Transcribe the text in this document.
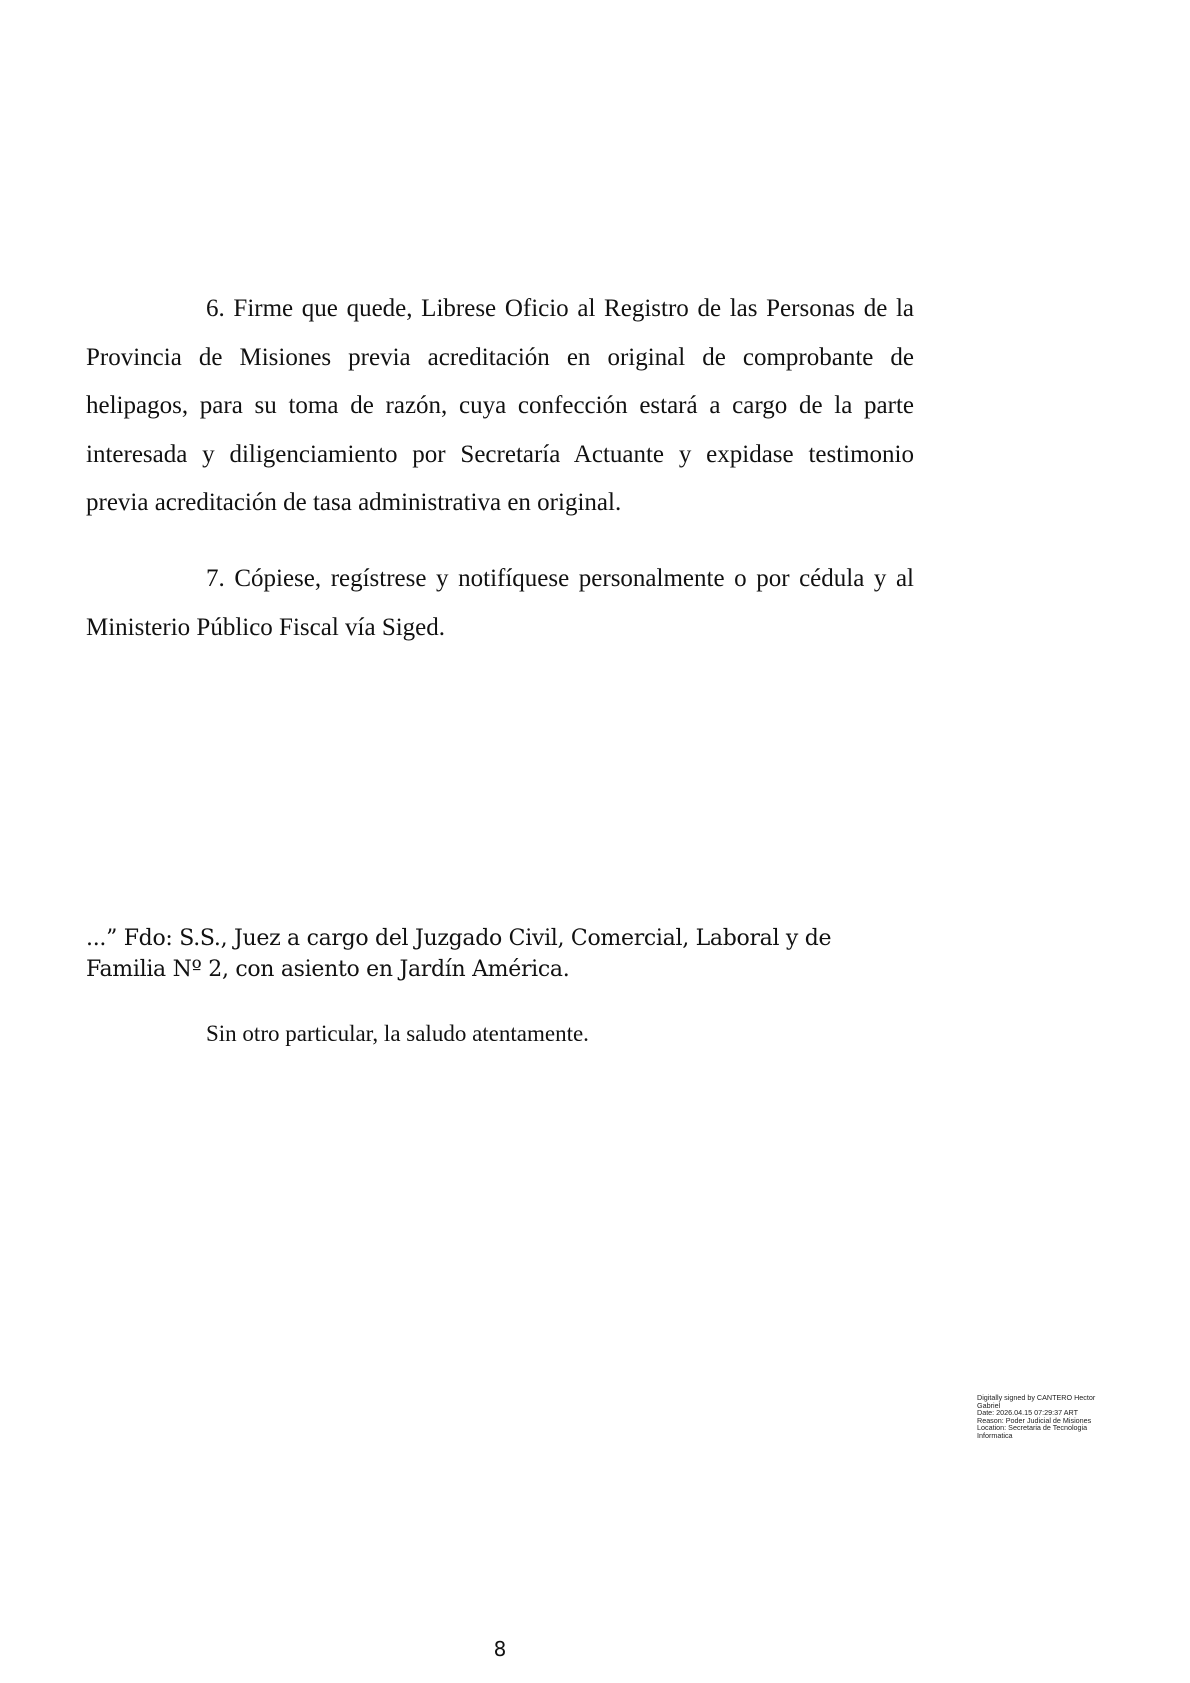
6. Firme que quede, Librese Oficio al Registro de las Personas de la Provincia de Misiones previa acreditación en original de comprobante de helipagos, para su toma de razón, cuya confección estará a cargo de la parte interesada y diligenciamiento por Secretaría Actuante y expidase testimonio previa acreditación de tasa administrativa en original.

7. Cópiese, regístrese y notifíquese personalmente o por cédula y al Ministerio Público Fiscal vía Siged.

...” Fdo: S.S., Juez a cargo del Juzgado Civil, Comercial, Laboral y de Familia Nº 2, con asiento en Jardín América.

Sin otro particular, la saludo atentamente.

Digitally signed by CANTERO Hector
Gabriel
Date: 2026.04.15 07:29:37 ART
Reason: Poder Judicial de Misiones
Location: Secretaria de Tecnologia
Informatica
8
